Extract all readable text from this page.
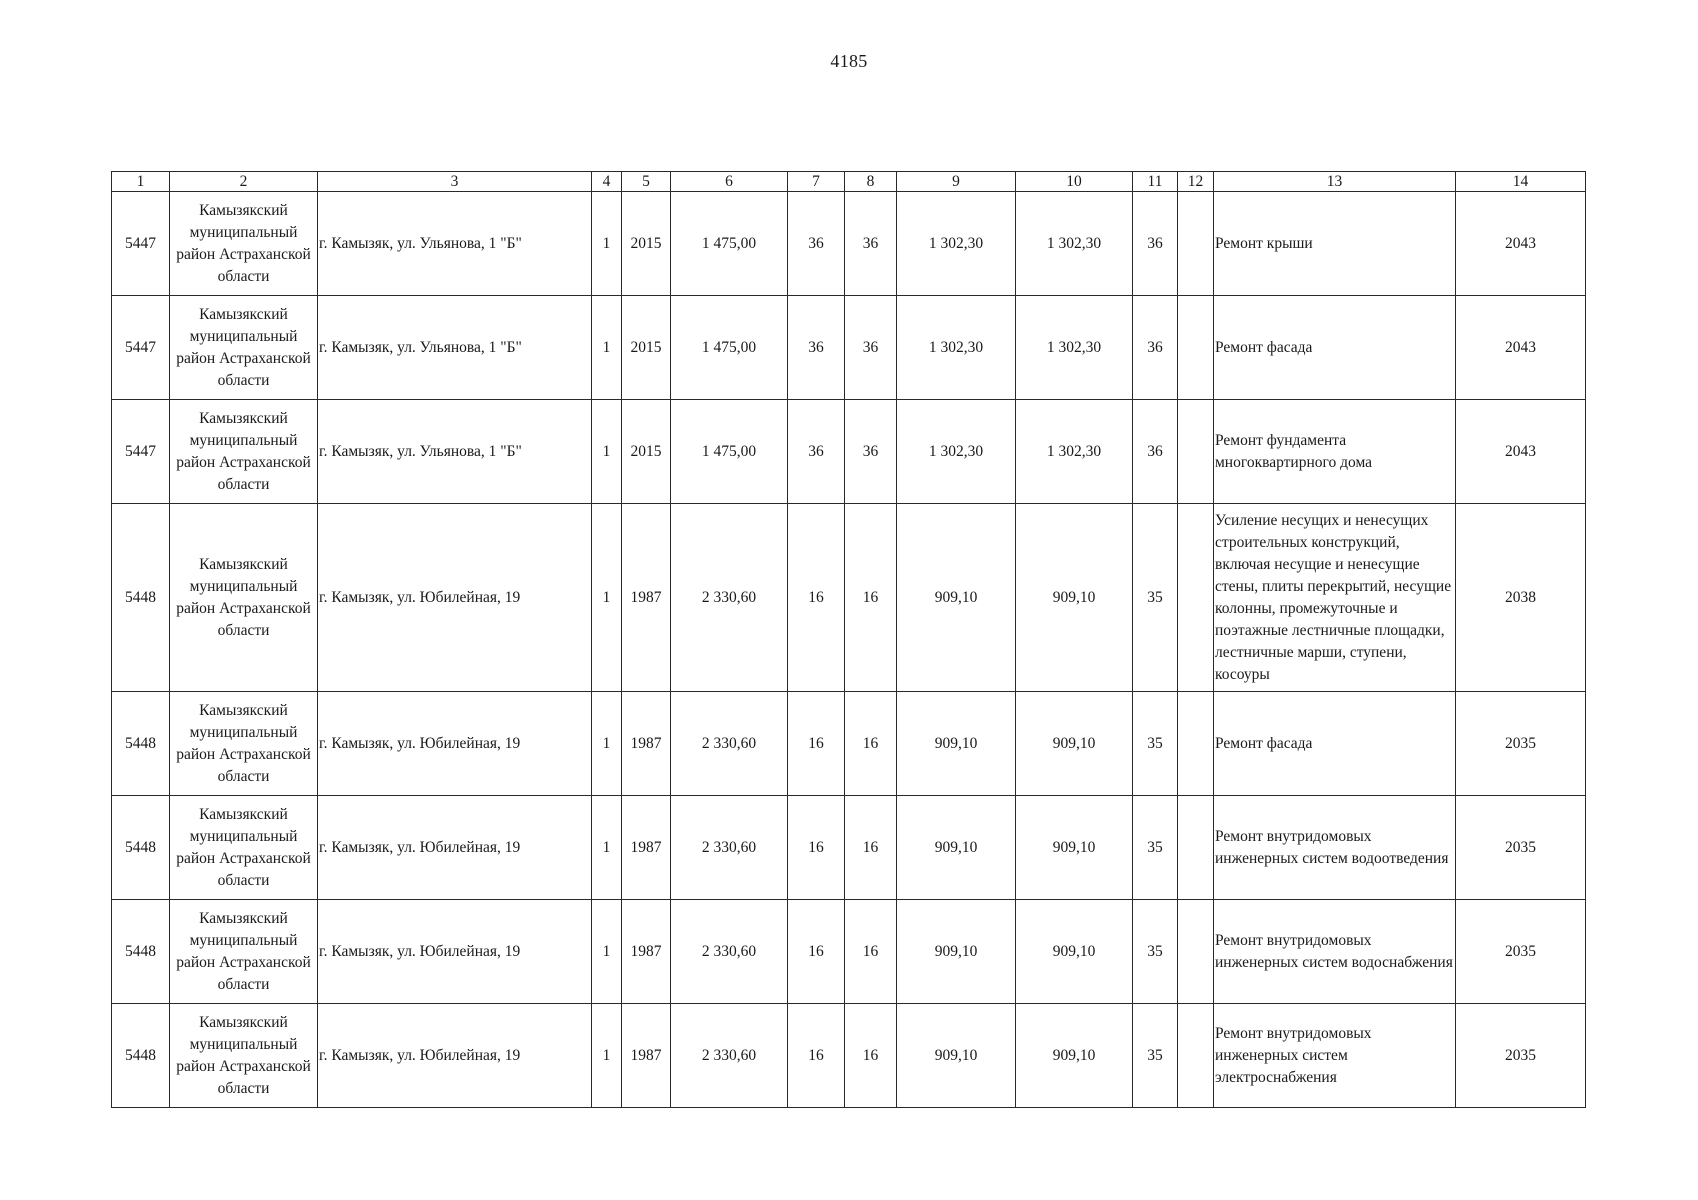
4185
1	2	3	4	5	6	7	8	9	10	11	12	13	14
5447	Камызякский муниципальный район Астраханской области	г. Камызяк, ул. Ульянова, 1 "Б"	1	2015	1 475,00	36	36	1 302,30	1 302,30	36		Ремонт крыши	2043
5447	Камызякский муниципальный район Астраханской области	г. Камызяк, ул. Ульянова, 1 "Б"	1	2015	1 475,00	36	36	1 302,30	1 302,30	36		Ремонт фасада	2043
5447	Камызякский муниципальный район Астраханской области	г. Камызяк, ул. Ульянова, 1 "Б"	1	2015	1 475,00	36	36	1 302,30	1 302,30	36		Ремонт фундамента многоквартирного дома	2043
5448	Камызякский муниципальный район Астраханской области	г. Камызяк, ул. Юбилейная, 19	1	1987	2 330,60	16	16	909,10	909,10	35		Усиление несущих и ненесущих строительных конструкций, включая несущие и ненесущие стены, плиты перекрытий, несущие колонны, промежуточные и поэтажные лестничные площадки, лестничные марши, ступени, косоуры	2038
5448	Камызякский муниципальный район Астраханской области	г. Камызяк, ул. Юбилейная, 19	1	1987	2 330,60	16	16	909,10	909,10	35		Ремонт фасада	2035
5448	Камызякский муниципальный район Астраханской области	г. Камызяк, ул. Юбилейная, 19	1	1987	2 330,60	16	16	909,10	909,10	35		Ремонт внутридомовых инженерных систем водоотведения	2035
5448	Камызякский муниципальный район Астраханской области	г. Камызяк, ул. Юбилейная, 19	1	1987	2 330,60	16	16	909,10	909,10	35		Ремонт внутридомовых инженерных систем водоснабжения	2035
5448	Камызякский муниципальный район Астраханской области	г. Камызяк, ул. Юбилейная, 19	1	1987	2 330,60	16	16	909,10	909,10	35		Ремонт внутридомовых инженерных систем электроснабжения	2035
